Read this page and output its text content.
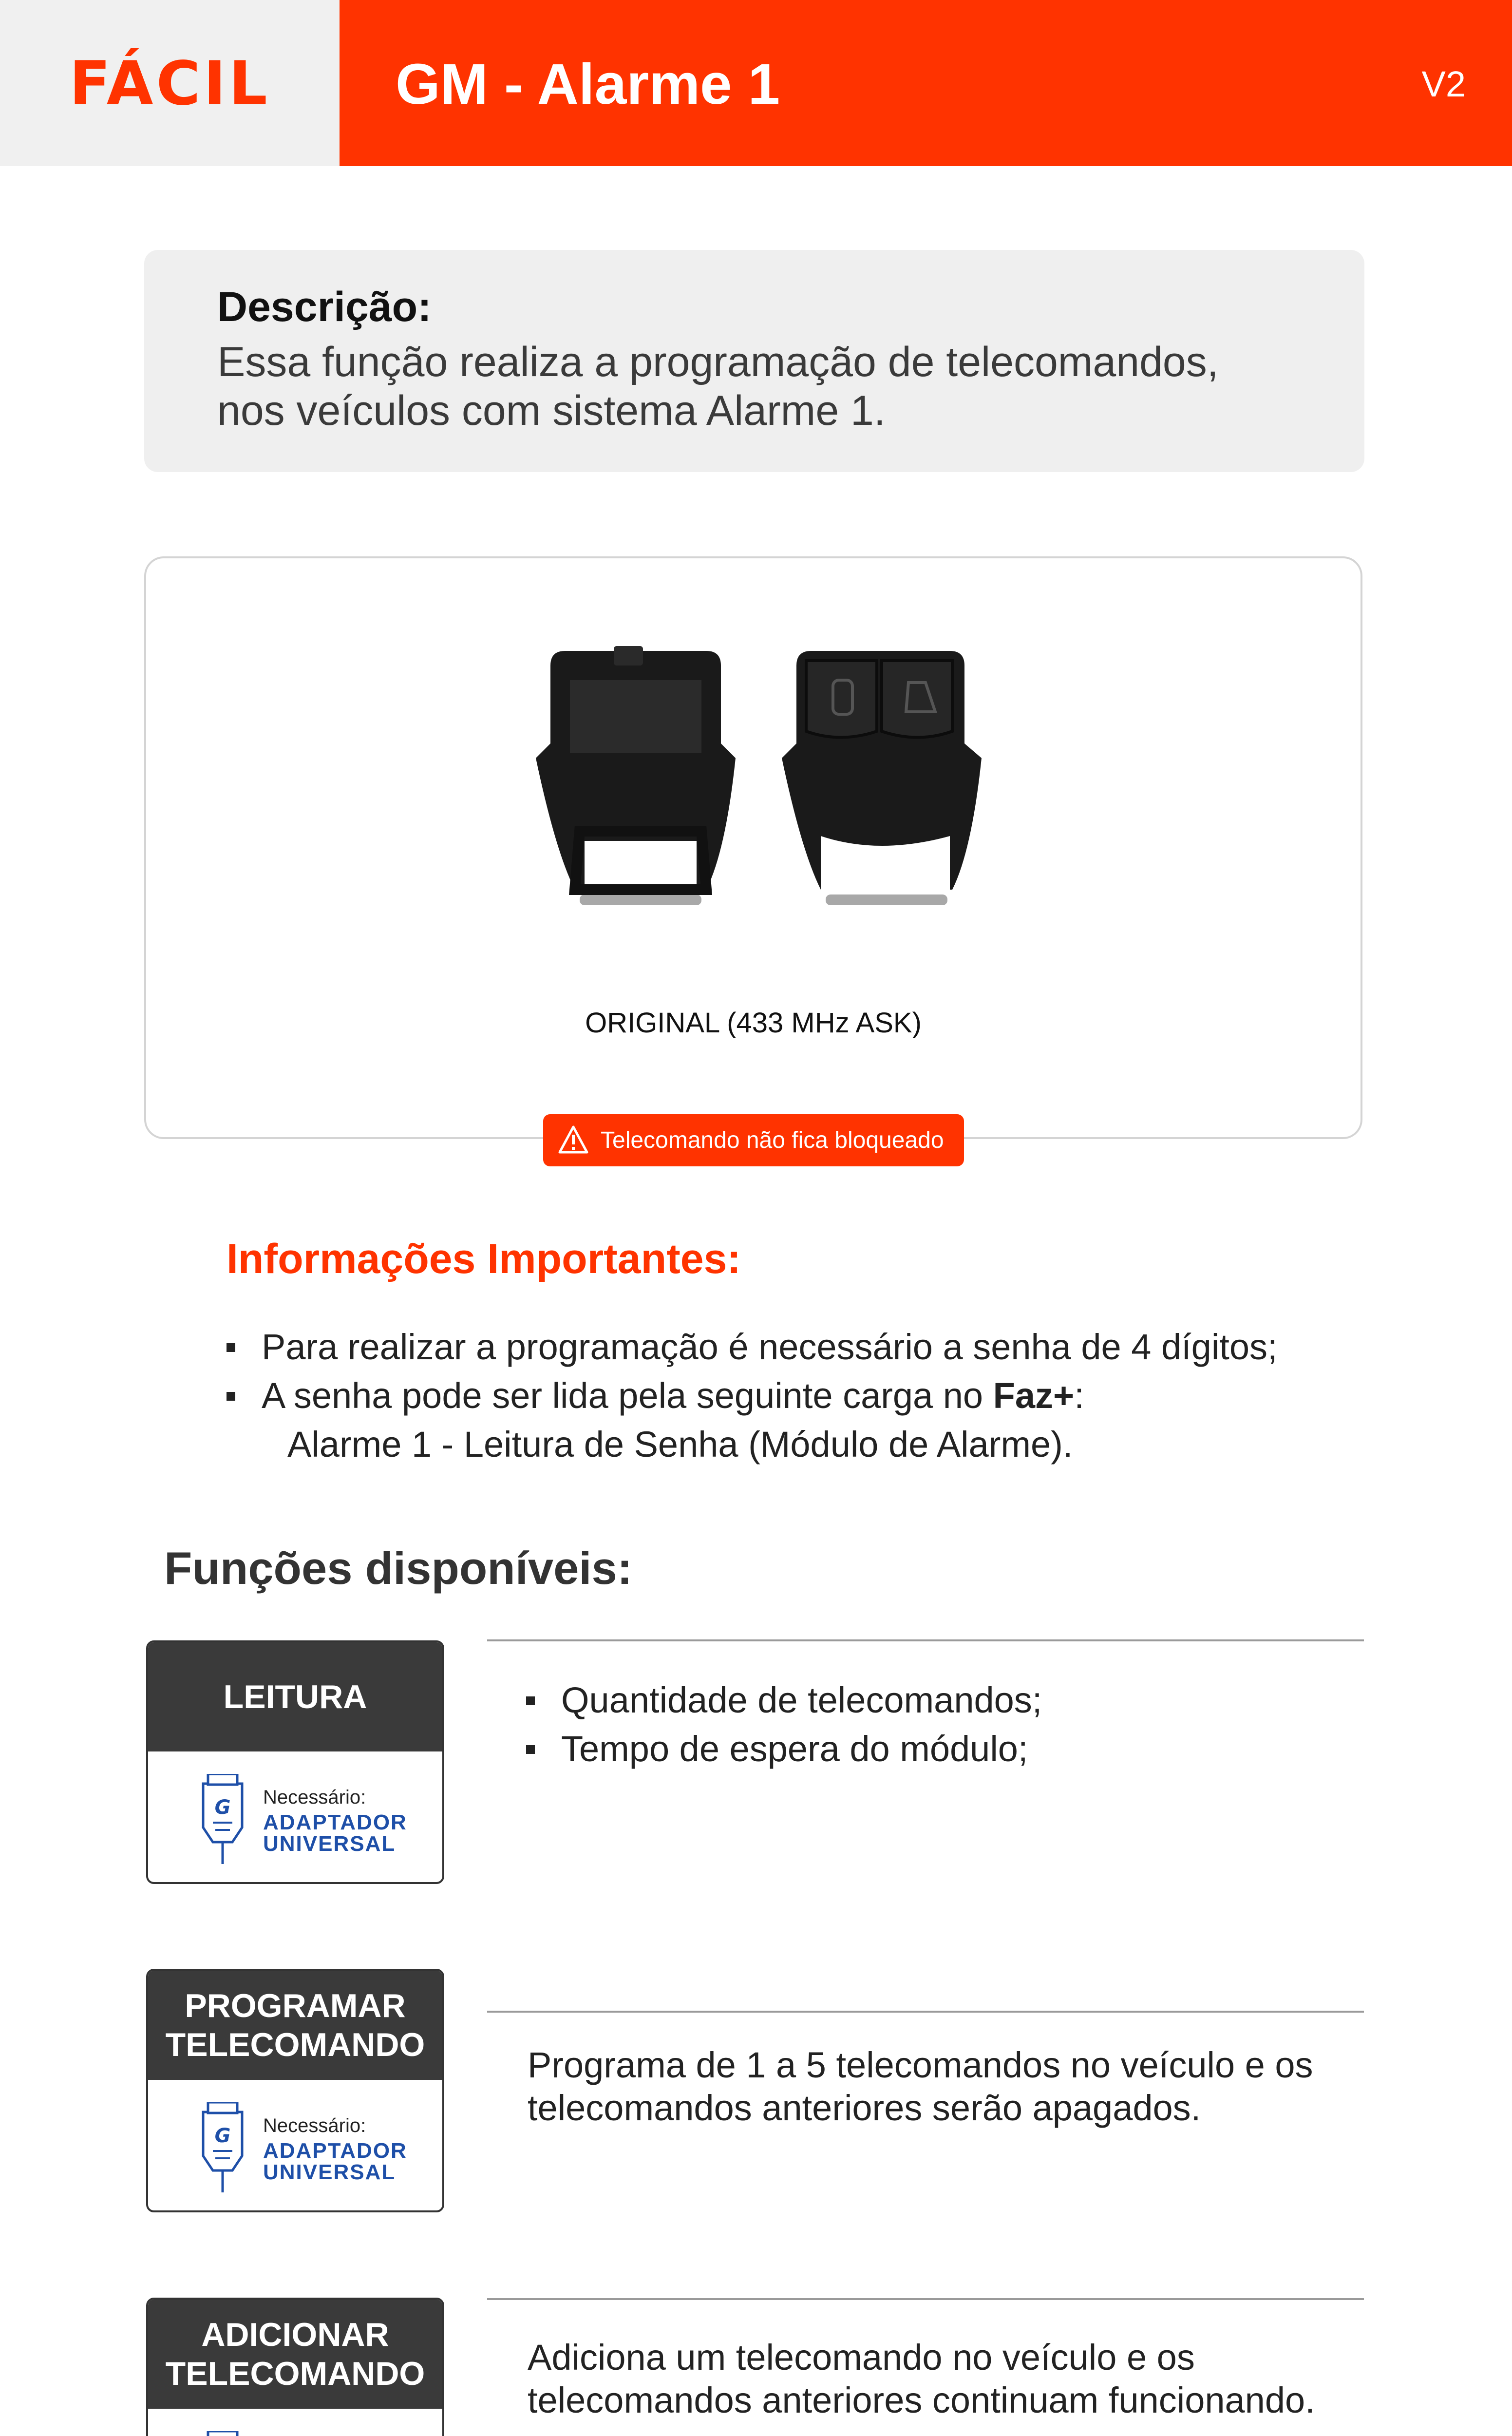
FÁCIL	GM - Alarme 1	V2
Descrição:
Essa função realiza a programação de telecomandos, nos veículos com sistema Alarme 1.
ORIGINAL (433 MHz ASK)
Telecomando não fica bloqueado
Informações Importantes:
Para realizar a programação é necessário a senha de 4 dígitos;
A senha pode ser lida pela seguinte carga no Faz+:
Alarme 1 - Leitura de Senha (Módulo de Alarme).
Funções disponíveis:
LEITURA
G Necessário:
ADAPTADOR
UNIVERSAL
Quantidade de telecomandos;
Tempo de espera do módulo;
PROGRAMAR
TELECOMANDO
G Necessário:
ADAPTADOR
UNIVERSAL
Programa de 1 a 5 telecomandos no veículo e os telecomandos anteriores serão apagados.
ADICIONAR
TELECOMANDO	Adiciona um telecomando no veículo e os telecomandos anteriores continuam funcionando.
